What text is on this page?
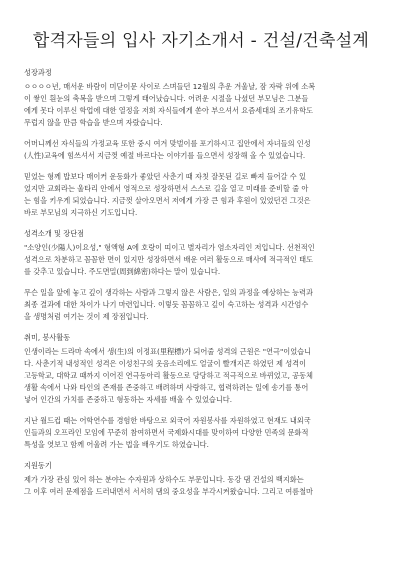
합격자들의 입사 자기소개서 - 건설/건축설계
성장과정
ㅇㅇㅇㅇ년, 매서운 바람이 미닫이문 사이로 스며들던 12월의 추운 겨울날, 잠 자락 위에 소복
이 쌓인 흰눈의 축복을 받으며 그렇게 태어났습니다. 어려운 시절을 나셨던 부모님은 그분들
에게 못다 이루신 학업에 대한 열정을 저희 자식들에게 쏟아 부으셔서 요즘세대의 조기유학도
무럽지 않을 만큼 학습을 받으며 자랐습니다.
어머니께선 자식들의 가정교육 또한 중시 여겨 맞벌이를 포기하시고 집안에서 자녀들의 인성
(人性)교육에 힘쓰셔서 지금껏 예절 바르다는 이야기를 들으면서 성장해 올 수 있었습니다.
믿었는 형께 밥보다 매이커 운동화가 좋았던 사춘기 때 자칫 잘못된 길로 빠져 들어갈 수 있
었지만 교회라는 울타리 안에서 영적으로 성장하면서 스스로 길을 열고 미래를 준비할 줄 아
는 힘을 키우게 되었습니다. 지금껏 살아오면서 저에게 가장 큰 힘과 후원이 있었던건 그것은
바로 부모님의 지극하신 기도입니다.
성격소개 및 장단점
"소양인(少陽人)이요성," 형액형 A에 호랑이 띠이고 별자리가 염소자리인 저입니다. 선천적인
성격으로 차분하고 꼼꼼한 면이 있지만 성장하면서 배운 여러 활동으로 매사에 적극적인 태도
를 갖추고 있습니다. 주도면밀(周到綿密)하다는 말이 있습니다.
무슨 일을 앞에 놓고 깊이 생각하는 사람과 그렇지 않은 사람은, 일의 과정을 예상하는 능력과
최종 결과에 대한 차이가 나기 마련입니다. 이렇듯 꼼꼼하고 깊이 숙고하는 성격과 시간엄수
을 생명처럼 여기는 것이 제 장점입니다.
취미, 봉사활동
인생이라는 드라마 속에서 생(生)의 이정표(里程標)가 되어줄 성격의 근원은 "연극"이었습니
다. 사춘기적 내성적인 성격은 이성친구의 웃음소리에도 얼굴이 빨개지곤 하였던 제 성격이
고등학교, 대학교 때까지 이어진 연극동아리 활동으로 당당하고 적극적으로 바뀌었고, 공동체
생활 속에서 나와 타인의 존재를 존중하고 배려하며 사랑하고, 협력하려는 일에 송기를 통어
넣어 인간의 가치를 존중하고 형동하는 자세를 배울 수 있었습니다.
지난 월드컵 때는 어학연수를 경험한 바탕으로 외국어 자원봉사를 자원하였고 현재도 내외국
인들과의 오프라인 모임에 꾸준히 참여하면서 국제화시대를 맞이하여 다양한 민족의 문화적
특성을 엿보고 함께 어울려 가는 법을 배우기도 하였습니다.
지원동기
제가 가장 관심 있어 하는 분야는 수자원과 상하수도 부문입니다. 동강 댐 건설의 백지화는
그 이후 여러 문제점을 드러내면서 서서히 댐의 중요성을 부각시켜왔습니다. 그리고 여름철마
